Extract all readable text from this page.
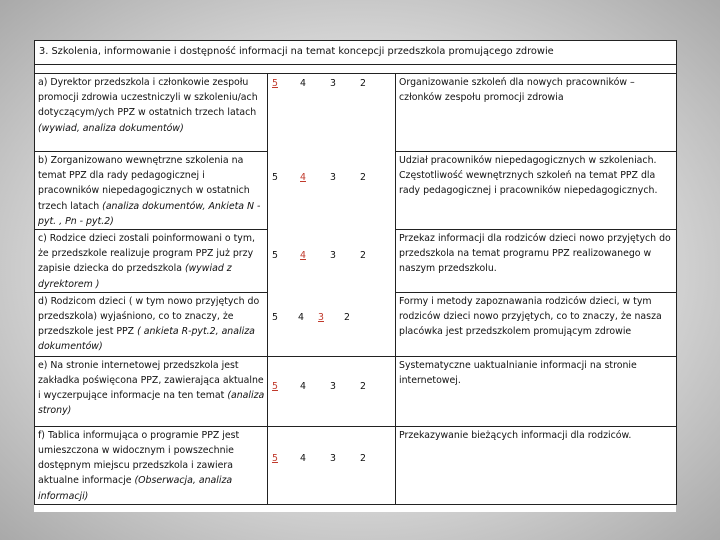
3. Szkolenia, informowanie i dostępność informacji na temat koncepcji przedszkola promującego zdrowie		

a) Dyrektor przedszkola i członkowie zespołu promocji zdrowia uczestniczyli w szkoleniu/ach dotyczącym/ych PPZ w ostatnich trzech latach (wywiad, analiza dokumentów)	5 4 3 2	Organizowanie szkoleń dla nowych pracowników – członków zespołu promocji zdrowia
b) Zorganizowano wewnętrzne szkolenia na temat PPZ dla rady pedagogicznej i pracowników niepedagogicznych w ostatnich trzech latach (analiza dokumentów, Ankieta N -pyt. , Pn - pyt.2)	5 4 3 2	Udział pracowników niepedagogicznych w szkoleniach. Częstotliwość wewnętrznych szkoleń na temat PPZ dla rady pedagogicznej i pracowników niepedagogicznych.
c) Rodzice dzieci zostali poinformowani o tym, że przedszkole realizuje program PPZ już przy zapisie dziecka do przedszkola (wywiad z dyrektorem )	5 4 3 2	Przekaz informacji dla rodziców dzieci nowo przyjętych do przedszkola na temat programu PPZ realizowanego w naszym przedszkolu.
d) Rodzicom dzieci ( w tym nowo przyjętych do przedszkola) wyjaśniono, co to znaczy, że przedszkole jest PPZ ( ankieta R-pyt.2, analiza dokumentów)	5 4 3 2	Formy i metody zapoznawania rodziców dzieci, w tym rodziców dzieci nowo przyjętych, co to znaczy, że nasza placówka jest przedszkolem promującym zdrowie
e) Na stronie internetowej przedszkola jest zakładka poświęcona PPZ, zawierająca aktualne i wyczerpujące informacje na ten temat (analiza strony)	5 4 3 2	Systematyczne uaktualnianie informacji na stronie internetowej.
f) Tablica informująca o programie PPZ jest umieszczona w widocznym i powszechnie dostępnym miejscu przedszkola i zawiera aktualne informacje (Obserwacja, analiza informacji)	5 4 3 2	Przekazywanie bieżących informacji dla rodziców.
